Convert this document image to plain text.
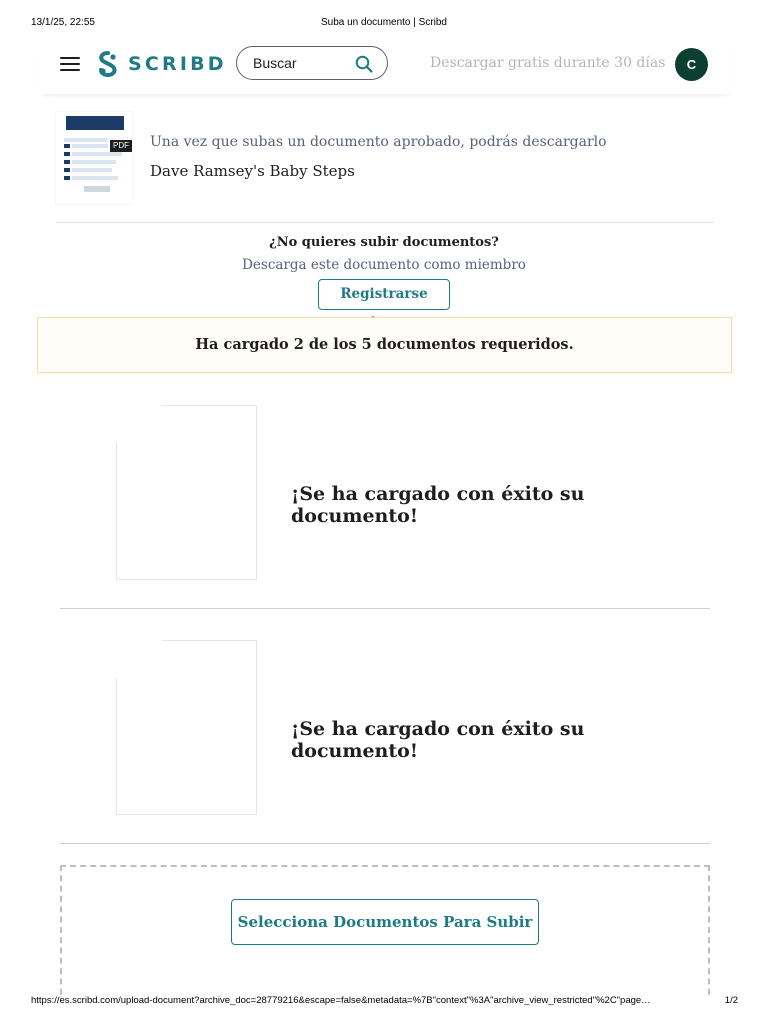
13/1/25, 22:55	Suba un documento | Scribd
SCRIBD Buscar	Descargar gratis durante 30 días	C
PDF Una vez que subas un documento aprobado, podrás descargarlo
Dave Ramsey's Baby Steps
¿No quieres subir documentos?
Descarga este documento como miembro
Registrarse
Ha cargado 2 de los 5 documentos requeridos.
¡Se ha cargado con éxito su documento!
¡Se ha cargado con éxito su documento!
Selecciona Documentos Para Subir
https://es.scribd.com/upload-document?archive_doc=28779216&escape=false&metadata=%7B"context"%3A"archive_view_restricted"%2C"page…	1/2
